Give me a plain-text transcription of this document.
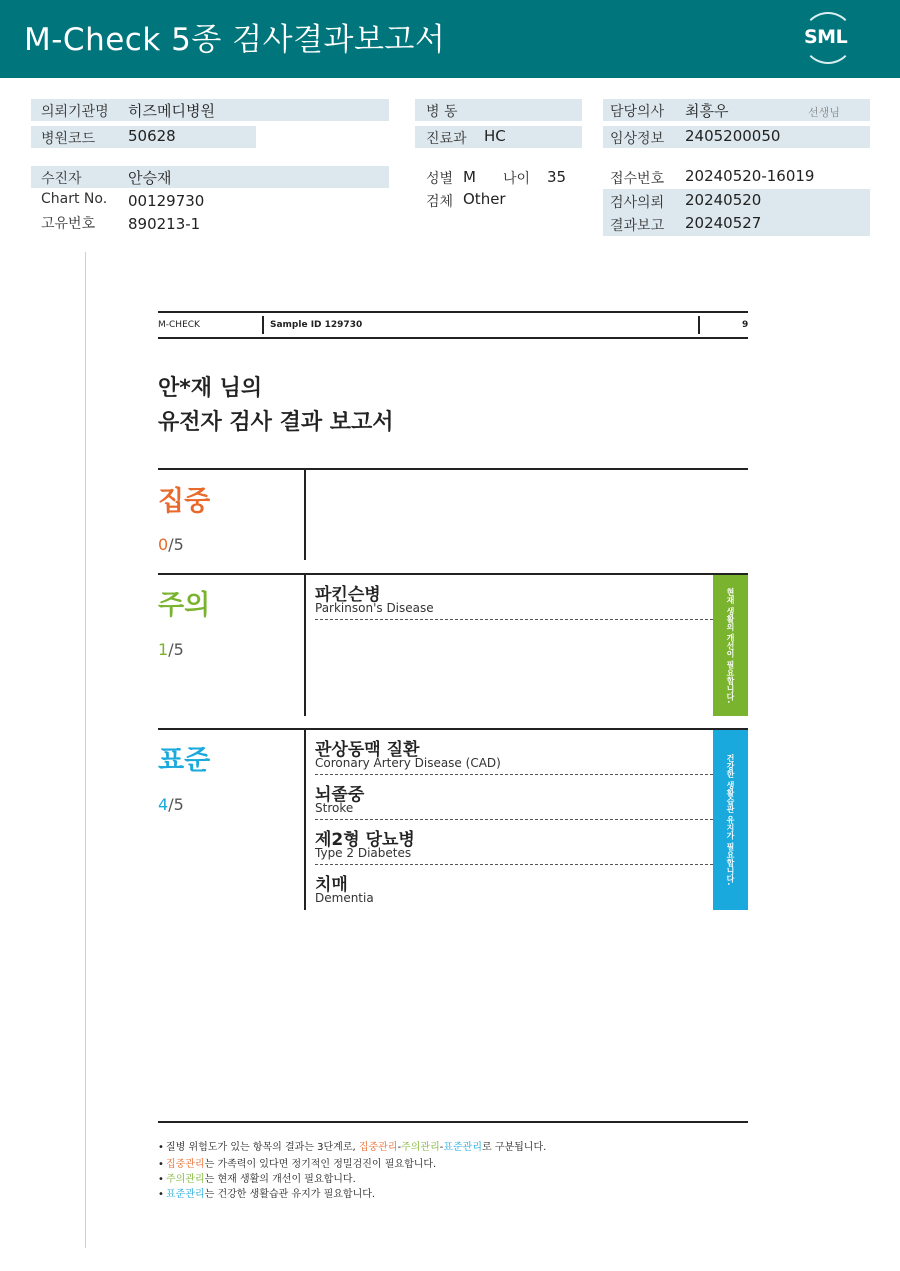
M-Check 5종 검사결과보고서	SML
의뢰기관명 히즈메디병원
병원코드 50628
수진자	안승재
Chart No. 00129730
고유번호 890213-1
병 동
진료과 HC
성별 M 나이 35
검체 Other
담당의사 최흥우	선생님
임상정보 2405200050
접수번호 20240520-16019
검사의뢰 20240520
결과보고 20240527
M-CHECK	Sample ID 129730	9
안*재 님의
유전자 검사 결과 보고서
집중
0/5
주의
1/5
파킨슨병
Parkinson's Disease	현재 생활의 개선이 필요합니다.
표준
4/5
관상동맥 질환
Coronary Artery Disease (CAD)
뇌졸중
Stroke
제2형 당뇨병
Type 2 Diabetes
치매
Dementia
건강한 생활습관 유지가 필요합니다.
• 질병 위험도가 있는 항목의 결과는 3단계로, 집중관리-주의관리-표준관리로 구분됩니다.
• 집중관리는 가족력이 있다면 정기적인 정밀검진이 필요합니다.
• 주의관리는 현재 생활의 개선이 필요합니다.
• 표준관리는 건강한 생활습관 유지가 필요합니다.
